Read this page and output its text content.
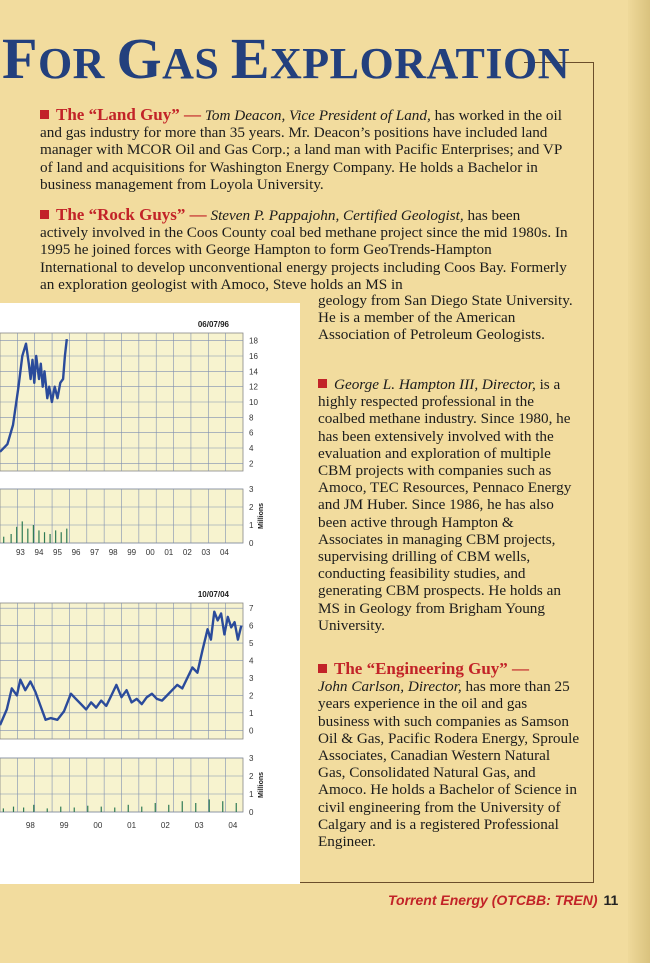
FOR GAS EXPLORATION

The “Land Guy” — Tom Deacon, Vice President of Land, has worked in the oil and gas industry for more than 35 years. Mr. Deacon’s positions have included land manager with MCOR Oil and Gas Corp.; a land man with Pacific Enterprises; and VP of land and acquisitions for Washington Energy Company. He holds a Bachelor in business management from Loyola University.

The “Rock Guys” — Steven P. Pappajohn, Certified Geologist, has been actively involved in the Coos County coal bed methane project since the mid 1980s. In 1995 he joined forces with George Hampton to form GeoTrends-Hampton International to develop unconventional energy projects including Coos Bay. Formerly an exploration geologist with Amoco, Steve holds an MS in

geology from San Diego State University. He is a member of the American Association of Petroleum Geologists.

George L. Hampton III, Director, is a highly respected professional in the coalbed methane industry. Since 1980, he has been extensively involved with the evaluation and exploration of multiple CBM projects with companies such as Amoco, TEC Resources, Pennaco Energy and JM Huber. Since 1986, he has also been active through Hampton & Associates in managing CBM projects, supervising drilling of CBM wells, conducting feasibility studies, and generating CBM prospects. He holds an MS in Geology from Brigham Young University.

The “Engineering Guy” —
John Carlson, Director, has more than 25 years experience in the oil and gas business with such companies as Samson Oil & Gas, Pacific Rodera Energy, Sproule Associates, Canadian Western Natural Gas, Consolidated Natural Gas, and Amoco. He holds a Bachelor of Science in civil engineering from the University of Calgary and is a registered Professional Engineer.

18
16
14
12
10
8
6
4
2
3
2
1
0
06/07/96
Millions
93 94 95 96 97 98 99 00 01 02 03 04
7
6
5
4
3
2
1
0
3
2
1
0
10/07/04
Millions
98	99	00	01	02	03	04
Torrent Energy (OTCBB: TREN) 11
